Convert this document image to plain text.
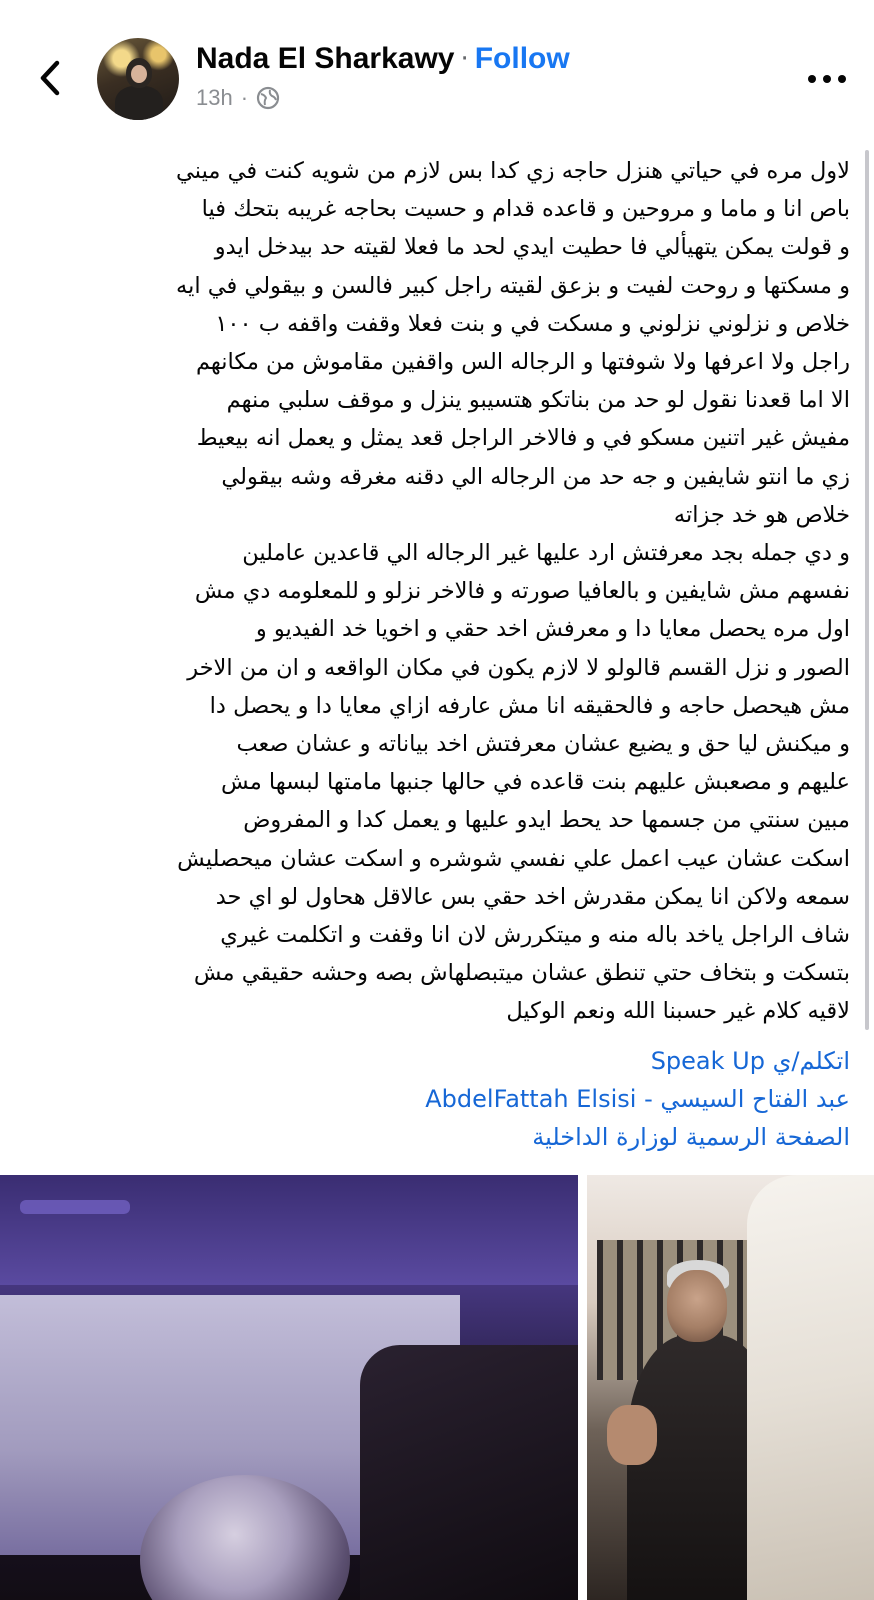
Nada El Sharkawy · Follow
13h ·

لاول مره في حياتي هنزل حاجه زي كدا بس لازم من شويه كنت في ميني
باص انا و ماما و مروحين و قاعده قدام و حسيت بحاجه غريبه بتحك فيا
و قولت يمكن يتهيألي فا حطيت ايدي لحد ما فعلا لقيته حد بيدخل ايدو
و مسكتها و روحت لفيت و بزعق لقيته راجل كبير فالسن و بيقولي في ايه
خلاص و نزلوني نزلوني و مسكت في و بنت فعلا وقفت واقفه ب ١٠٠
راجل ولا اعرفها ولا شوفتها و الرجاله الس واقفين مقاموش من مكانهم
الا اما قعدنا نقول لو حد من بناتكو هتسيبو ينزل و موقف سلبي منهم
مفيش غير اتنين مسكو في و فالاخر الراجل قعد يمثل و يعمل انه بيعيط
زي ما انتو شايفين و جه حد من الرجاله الي دقنه مغرقه وشه بيقولي
خلاص هو خد جزاته
و دي جمله بجد معرفتش ارد عليها غير الرجاله الي قاعدين عاملين
نفسهم مش شايفين و بالعافيا صورته و فالاخر نزلو و للمعلومه دي مش
اول مره يحصل معايا دا و معرفش اخد حقي و اخويا خد الفيديو و
الصور و نزل القسم قالولو لا لازم يكون في مكان الواقعه و ان من الاخر
مش هيحصل حاجه و فالحقيقه انا مش عارفه ازاي معايا دا و يحصل دا
و ميكنش ليا حق و يضيع عشان معرفتش اخد بياناته و عشان صعب
عليهم و مصعبش عليهم بنت قاعده في حالها جنبها مامتها لبسها مش
مبين سنتي من جسمها حد يحط ايدو عليها و يعمل كدا و المفروض
اسكت عشان عيب اعمل علي نفسي شوشره و اسكت عشان ميحصليش
سمعه ولاكن انا يمكن مقدرش اخد حقي بس عالاقل هحاول لو اي حد
شاف الراجل ياخد باله منه و ميتكررش لان انا وقفت و اتكلمت غيري
بتسكت و بتخاف حتي تنطق عشان ميتبصلهاش بصه وحشه حقيقي مش
لاقيه كلام غير حسبنا الله ونعم الوكيل

اتكلم/ي Speak Up
عبد الفتاح السيسي - AbdelFattah Elsisi
الصفحة الرسمية لوزارة الداخلية
